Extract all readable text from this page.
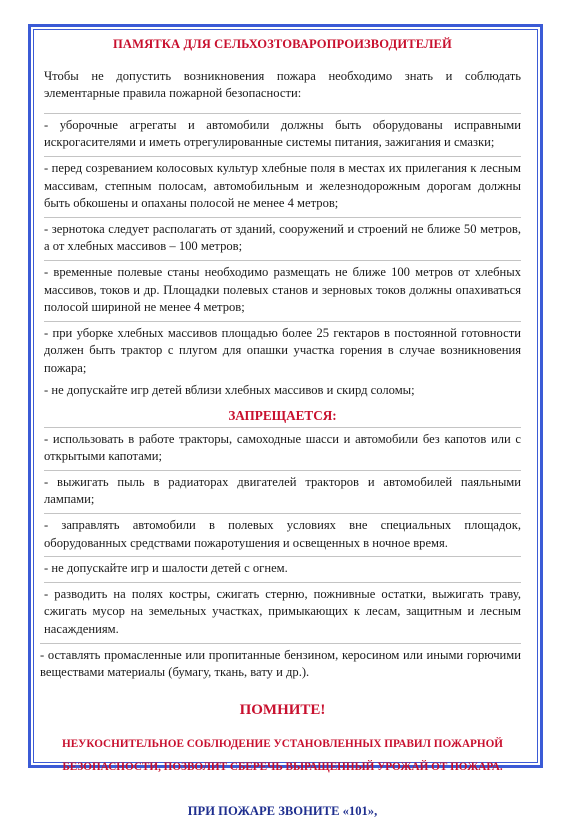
ПАМЯТКА ДЛЯ СЕЛЬХОЗТОВАРОПРОИЗВОДИТЕЛЕЙ
Чтобы не допустить возникновения пожара необходимо знать и соблюдать элементарные правила пожарной безопасности:
- уборочные агрегаты и автомобили должны быть оборудованы исправными искрогасителями и иметь отрегулированные системы питания, зажигания и смазки;
- перед созреванием колосовых культур хлебные поля в местах их прилегания к лесным массивам, степным полосам, автомобильным и железнодорожным дорогам должны быть обкошены и опаханы полосой не менее 4 метров;
- зернотока следует располагать от зданий, сооружений и строений не ближе 50 метров, а от хлебных массивов – 100 метров;
- временные полевые станы необходимо размещать не ближе 100 метров от хлебных массивов, токов и др. Площадки полевых станов и зерновых токов должны опахиваться полосой шириной не менее 4 метров;
- при уборке хлебных массивов площадью более 25 гектаров в постоянной готовности должен быть трактор с плугом для опашки участка горения в случае возникновения пожара;
- не допускайте игр детей вблизи хлебных массивов и скирд соломы;
ЗАПРЕЩАЕТСЯ:
- использовать в работе тракторы, самоходные шасси и автомобили без капотов или с открытыми капотами;
- выжигать пыль в радиаторах двигателей тракторов и автомобилей паяльными лампами;
- заправлять автомобили в полевых условиях вне специальных площадок, оборудованных средствами пожаротушения и освещенных в ночное время.
- не допускайте игр и шалости детей с огнем.
- разводить на полях костры, сжигать стерню, пожнивные остатки, выжигать траву, сжигать мусор на земельных участках, примыкающих к лесам, защитным и лесным насаждениям.
- оставлять промасленные или пропитанные бензином, керосином или иными горючими веществами материалы (бумагу, ткань, вату и др.).
ПОМНИТЕ!
НЕУКОСНИТЕЛЬНОЕ СОБЛЮДЕНИЕ УСТАНОВЛЕННЫХ ПРАВИЛ ПОЖАРНОЙ
БЕЗОПАСНОСТИ, ПОЗВОЛИТ СБЕРЕЧЬ ВЫРАЩЕННЫЙ УРОЖАЙ ОТ ПОЖАРА.
ПРИ ПОЖАРЕ ЗВОНИТЕ «101»,
